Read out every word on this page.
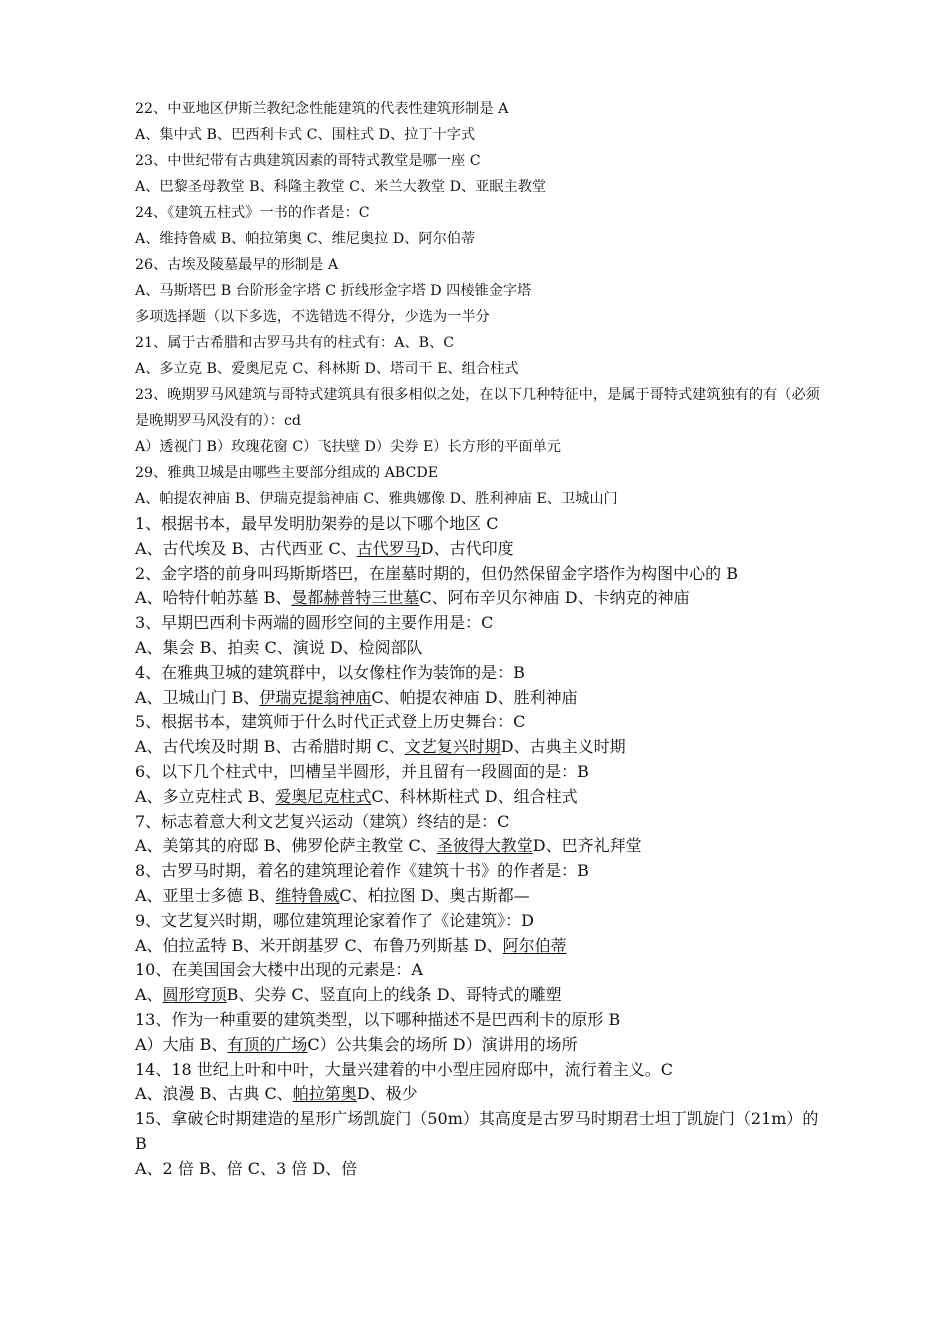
22、中亚地区伊斯兰教纪念性能建筑的代表性建筑形制是 A
A、集中式 B、巴西利卡式 C、围柱式 D、拉丁十字式
23、中世纪带有古典建筑因素的哥特式教堂是哪一座 C
A、巴黎圣母教堂 B、科隆主教堂 C、米兰大教堂 D、亚眠主教堂
24、《建筑五柱式》一书的作者是：C
A、维持鲁威 B、帕拉第奥 C、维尼奥拉 D、阿尔伯蒂
26、古埃及陵墓最早的形制是 A
A、马斯塔巴 B 台阶形金字塔 C 折线形金字塔 D 四棱锥金字塔
多项选择题（以下多选，不选错选不得分，少选为一半分
21、属于古希腊和古罗马共有的柱式有：A、B、C
A、多立克 B、爱奥尼克 C、科林斯 D、塔司干 E、组合柱式
23、晚期罗马风建筑与哥特式建筑具有很多相似之处，在以下几种特征中，是属于哥特式建筑独有的有（必须是晚期罗马风没有的）：cd
A）透视门 B）玫瑰花窗 C）飞扶壁 D）尖券 E）长方形的平面单元
29、雅典卫城是由哪些主要部分组成的 ABCDE
A、帕提农神庙 B、伊瑞克提翁神庙 C、雅典娜像 D、胜利神庙 E、卫城山门
1、根据书本，最早发明肋架券的是以下哪个地区 C
A、古代埃及 B、古代西亚 C、古代罗马D、古代印度
2、金字塔的前身叫玛斯斯塔巴，在崖墓时期的，但仍然保留金字塔作为构图中心的 B
A、哈特什帕苏墓 B、曼都赫普特三世墓C、阿布辛贝尔神庙 D、卡纳克的神庙
3、早期巴西利卡两端的圆形空间的主要作用是：C
A、集会 B、拍卖 C、演说 D、检阅部队
4、在雅典卫城的建筑群中，以女像柱作为装饰的是：B
A、卫城山门 B、伊瑞克提翁神庙C、帕提农神庙 D、胜利神庙
5、根据书本，建筑师于什么时代正式登上历史舞台：C
A、古代埃及时期 B、古希腊时期 C、文艺复兴时期D、古典主义时期
6、以下几个柱式中，凹槽呈半圆形，并且留有一段圆面的是：B
A、多立克柱式 B、爱奥尼克柱式C、科林斯柱式 D、组合柱式
7、标志着意大利文艺复兴运动（建筑）终结的是：C
A、美第其的府邸 B、佛罗伦萨主教堂 C、圣彼得大教堂D、巴齐礼拜堂
8、古罗马时期，着名的建筑理论着作《建筑十书》的作者是：B
A、亚里士多德 B、维特鲁威C、柏拉图 D、奥古斯都—
9、文艺复兴时期，哪位建筑理论家着作了《论建筑》：D
A、伯拉孟特 B、米开朗基罗 C、布鲁乃列斯基 D、阿尔伯蒂
10、在美国国会大楼中出现的元素是：A
A、圆形穹顶B、尖券 C、竖直向上的线条 D、哥特式的雕塑
13、作为一种重要的建筑类型，以下哪种描述不是巴西利卡的原形 B
A）大庙 B、有顶的广场C）公共集会的场所 D）演讲用的场所
14、18 世纪上叶和中叶，大量兴建着的中小型庄园府邸中，流行着主义。C
A、浪漫 B、古典 C、帕拉第奥D、极少
15、拿破仑时期建造的星形广场凯旋门（50m）其高度是古罗马时期君士坦丁凯旋门（21m）的 B
A、2 倍 B、倍 C、3 倍 D、倍
